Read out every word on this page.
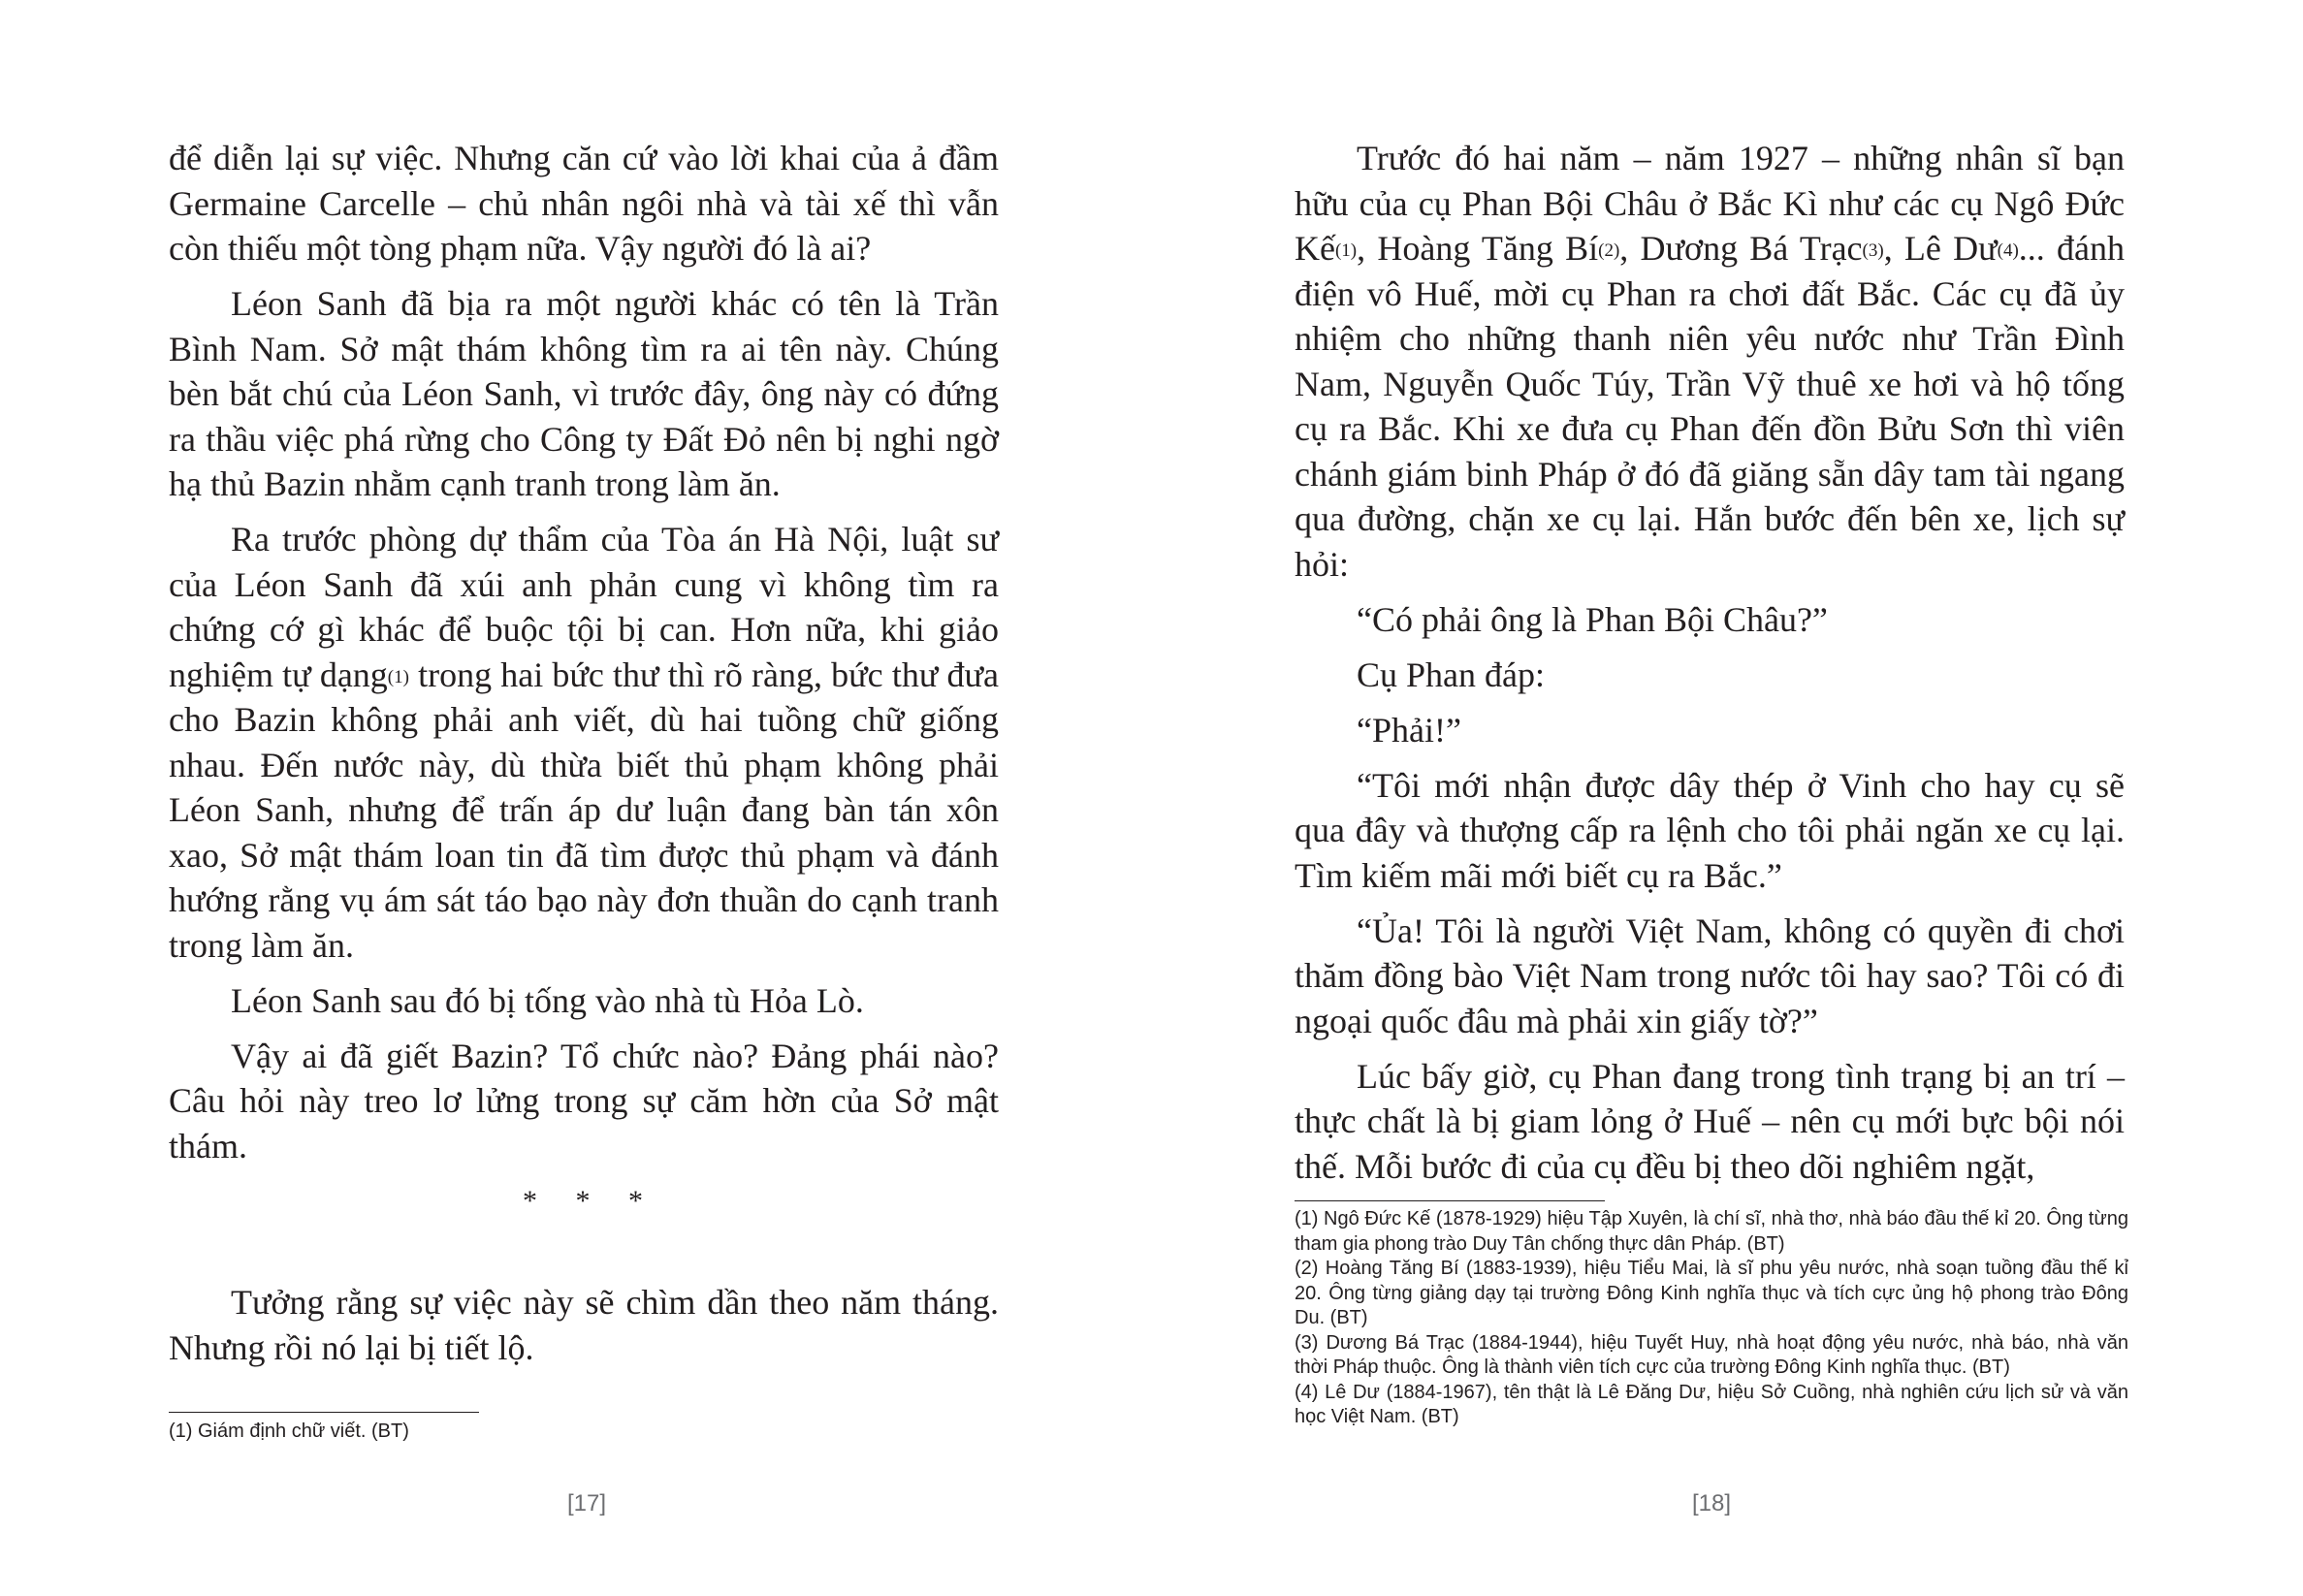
để diễn lại sự việc. Nhưng căn cứ vào lời khai của ả đầm Germaine Carcelle – chủ nhân ngôi nhà và tài xế thì vẫn còn thiếu một tòng phạm nữa. Vậy người đó là ai?

Léon Sanh đã bịa ra một người khác có tên là Trần Bình Nam. Sở mật thám không tìm ra ai tên này. Chúng bèn bắt chú của Léon Sanh, vì trước đây, ông này có đứng ra thầu việc phá rừng cho Công ty Đất Đỏ nên bị nghi ngờ hạ thủ Bazin nhằm cạnh tranh trong làm ăn.

Ra trước phòng dự thẩm của Tòa án Hà Nội, luật sư của Léon Sanh đã xúi anh phản cung vì không tìm ra chứng cớ gì khác để buộc tội bị can. Hơn nữa, khi giảo nghiệm tự dạng$^{(1)}$ trong hai bức thư thì rõ ràng, bức thư đưa cho Bazin không phải anh viết, dù hai tuồng chữ giống nhau. Đến nước này, dù thừa biết thủ phạm không phải Léon Sanh, nhưng để trấn áp dư luận đang bàn tán xôn xao, Sở mật thám loan tin đã tìm được thủ phạm và đánh hướng rằng vụ ám sát táo bạo này đơn thuần do cạnh tranh trong làm ăn.

Léon Sanh sau đó bị tống vào nhà tù Hỏa Lò.

Vậy ai đã giết Bazin? Tổ chức nào? Đảng phái nào? Câu hỏi này treo lơ lửng trong sự căm hờn của Sở mật thám.

* * *

Tưởng rằng sự việc này sẽ chìm dần theo năm tháng. Nhưng rồi nó lại bị tiết lộ.

(1) Giám định chữ viết. (BT)

[17]

Trước đó hai năm – năm 1927 – những nhân sĩ bạn hữu của cụ Phan Bội Châu ở Bắc Kì như các cụ Ngô Đức Kế$^{(1)}$, Hoàng Tăng $Bí^{(2)}$, Dương Bá Trạc$^{(3)}$, Lê $Dư^{(4)}$... đánh điện vô Huế, mời cụ Phan ra chơi đất Bắc. Các cụ đã ủy nhiệm cho những thanh niên yêu nước như Trần Đình Nam, Nguyễn Quốc Túy, Trần Vỹ thuê xe hơi và hộ tống cụ ra Bắc. Khi xe đưa cụ Phan đến đồn Bửu Sơn thì viên chánh giám binh Pháp ở đó đã giăng sẵn dây tam tài ngang qua đường, chặn xe cụ lại. Hắn bước đến bên xe, lịch sự hỏi:

“Có phải ông là Phan Bội Châu?”

Cụ Phan đáp:

“Phải!”

“Tôi mới nhận được dây thép ở Vinh cho hay cụ sẽ qua đây và thượng cấp ra lệnh cho tôi phải ngăn xe cụ lại. Tìm kiếm mãi mới biết cụ ra Bắc.”

“Ủa! Tôi là người Việt Nam, không có quyền đi chơi thăm đồng bào Việt Nam trong nước tôi hay sao? Tôi có đi ngoại quốc đâu mà phải xin giấy tờ?”

Lúc bấy giờ, cụ Phan đang trong tình trạng bị an trí – thực chất là bị giam lỏng ở Huế – nên cụ mới bực bội nói thế. Mỗi bước đi của cụ đều bị theo dõi nghiêm ngặt,

(1) Ngô Đức Kế (1878-1929) hiệu Tập Xuyên, là chí sĩ, nhà thơ, nhà báo đầu thế kỉ 20. Ông từng tham gia phong trào Duy Tân chống thực dân Pháp. (BT)

(2) Hoàng Tăng Bí (1883-1939), hiệu Tiểu Mai, là sĩ phu yêu nước, nhà soạn tuồng đầu thế kỉ 20. Ông từng giảng dạy tại trường Đông Kinh nghĩa thục và tích cực ủng hộ phong trào Đông Du. (BT)

(3) Dương Bá Trạc (1884-1944), hiệu Tuyết Huy, nhà hoạt động yêu nước, nhà báo, nhà văn thời Pháp thuộc. Ông là thành viên tích cực của trường Đông Kinh nghĩa thục. (BT)

(4) Lê Dư (1884-1967), tên thật là Lê Đăng Dư, hiệu Sở Cuồng, nhà nghiên cứu lịch sử và văn học Việt Nam. (BT)

[18]
